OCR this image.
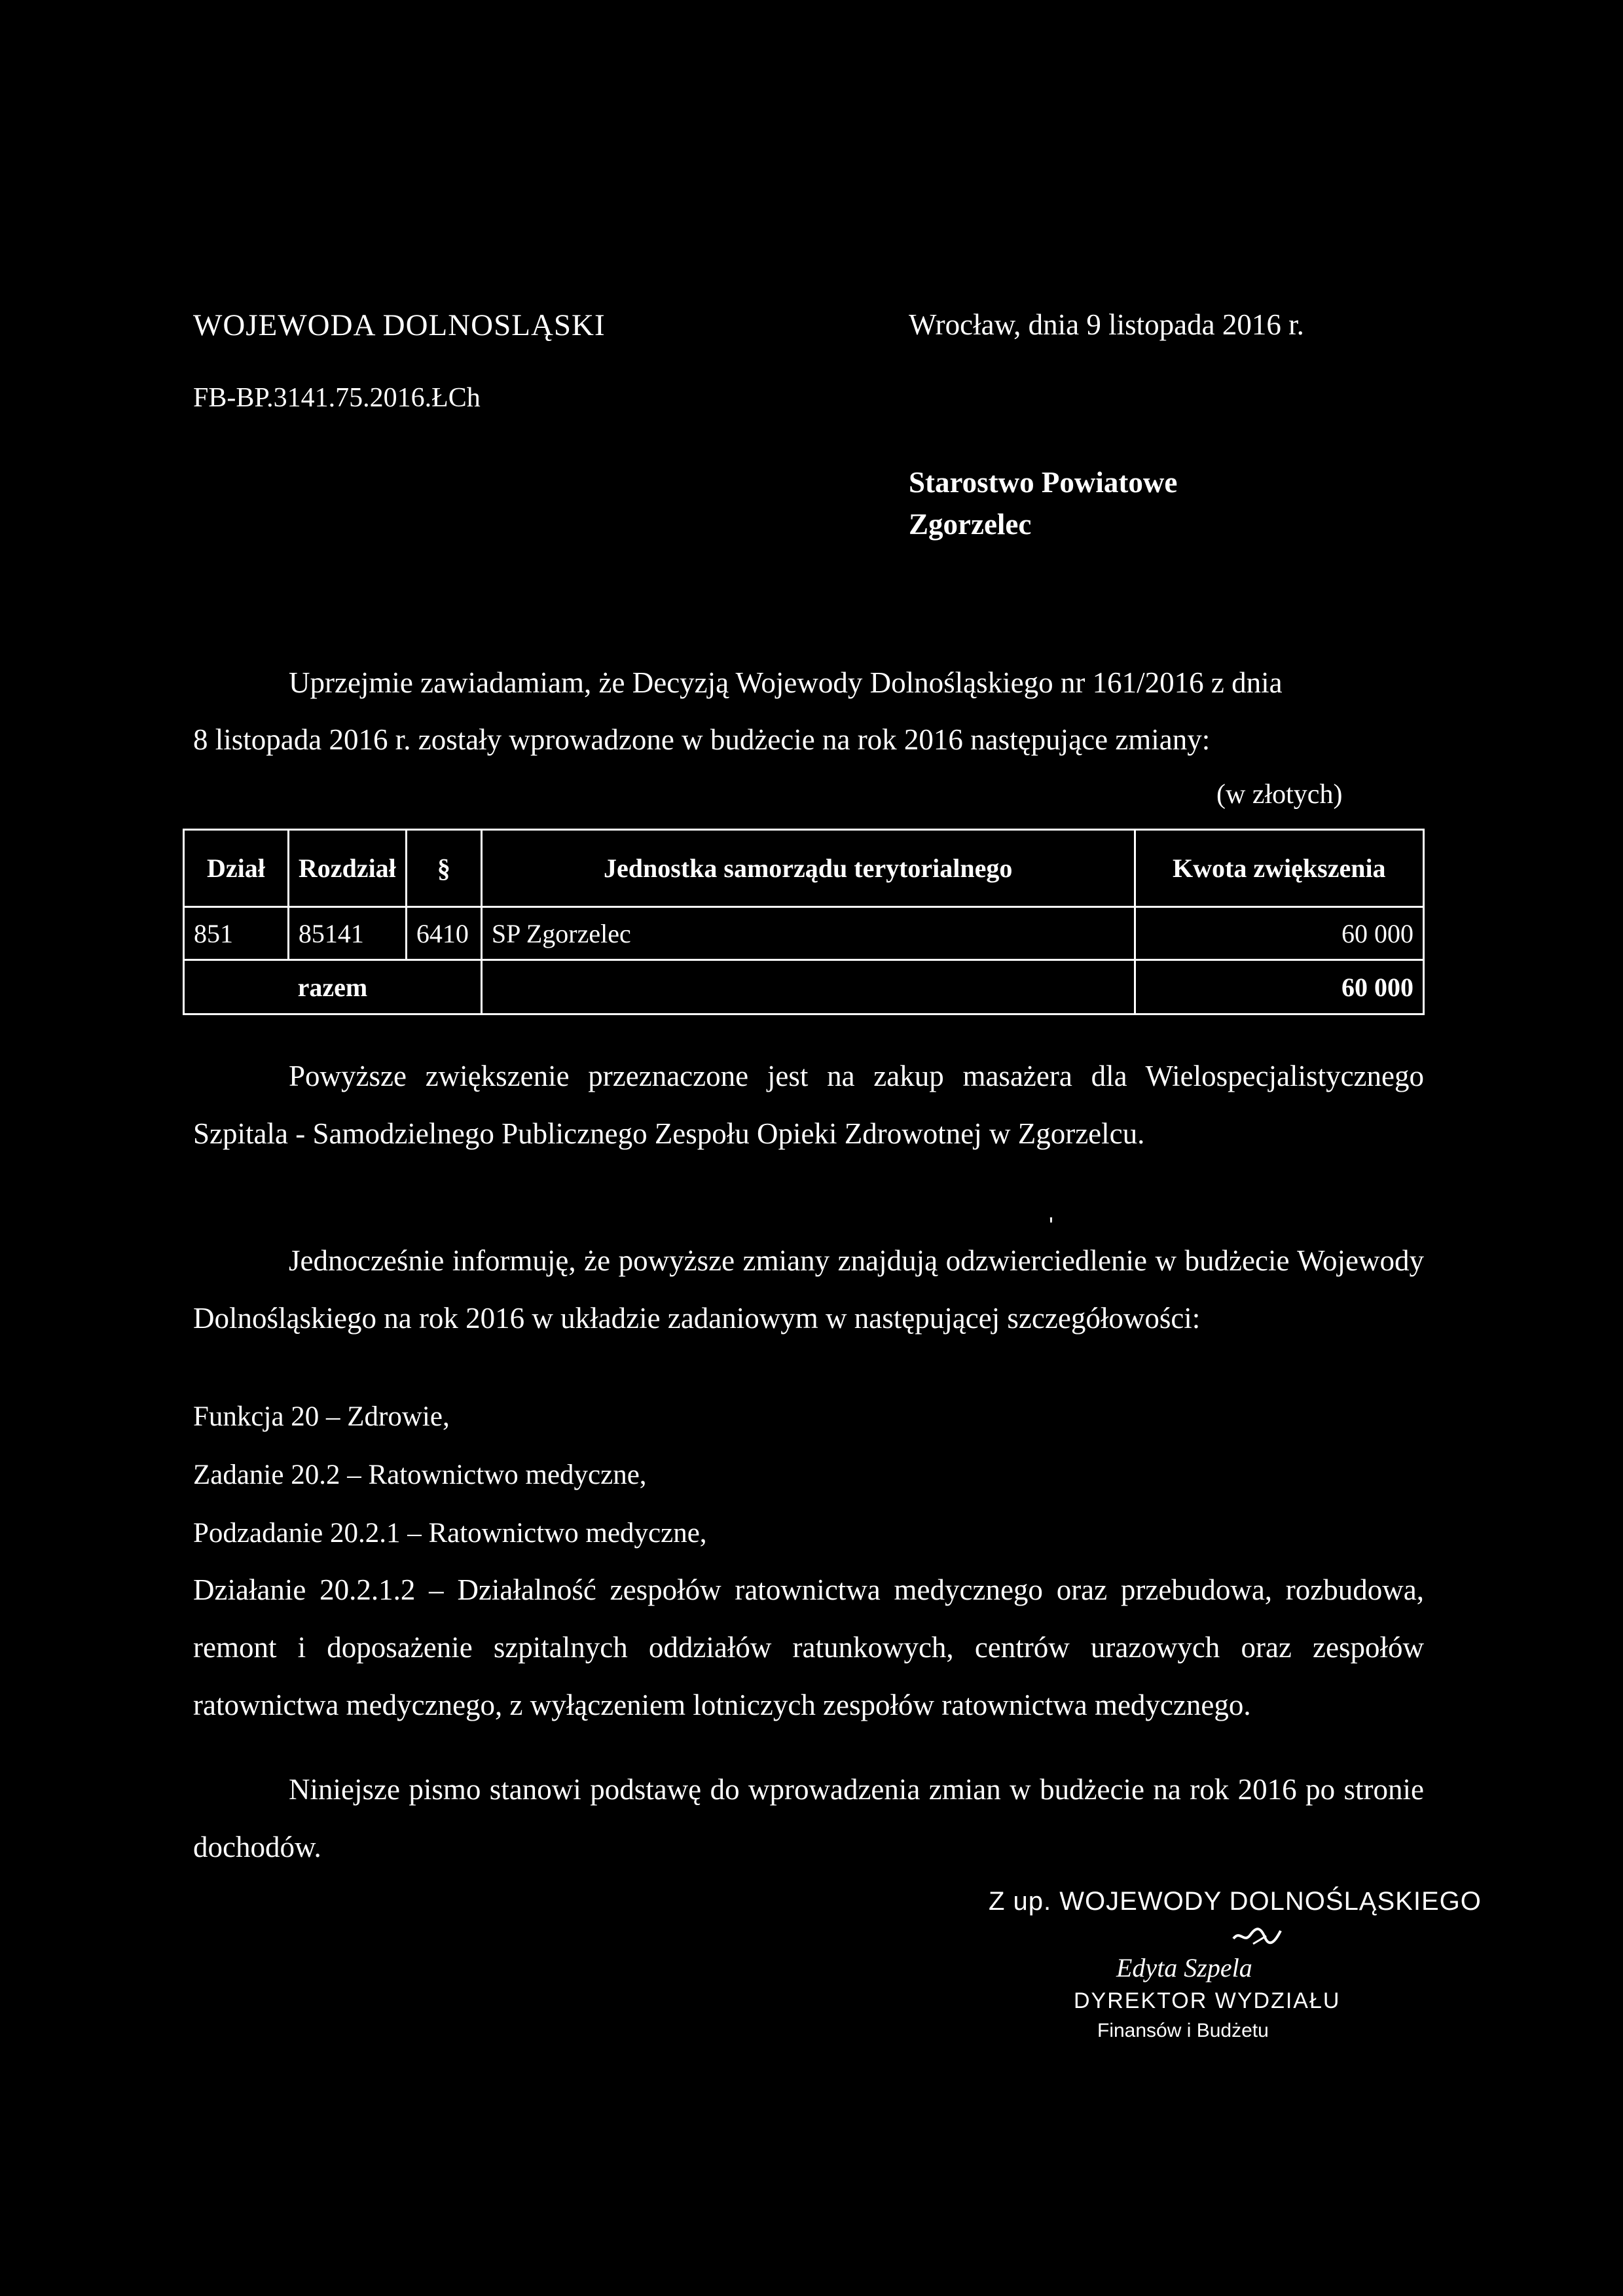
WOJEWODA DOLNOSLĄSKI	Wrocław, dnia 9 listopada 2016 r.
FB-BP.3141.75.2016.ŁCh
Starostwo Powiatowe
Zgorzelec
Uprzejmie zawiadamiam, że Decyzją Wojewody Dolnośląskiego nr 161/2016 z dnia
8 listopada 2016 r. zostały wprowadzone w budżecie na rok 2016 następujące zmiany:
(w złotych)
Dział	Rozdział	§	Jednostka samorządu terytorialnego	Kwota zwiększenia
851	85141	6410	SP Zgorzelec	60 000
razem				60 000
Powyższe zwiększenie przeznaczone jest na zakup masażera dla Wielospecjalistycznego Szpitala - Samodzielnego Publicznego Zespołu Opieki Zdrowotnej w Zgorzelcu.
'
Jednocześnie informuję, że powyższe zmiany znajdują odzwierciedlenie w budżecie Wojewody Dolnośląskiego na rok 2016 w układzie zadaniowym w następującej szczegółowości:
Funkcja 20 – Zdrowie,
Zadanie 20.2 – Ratownictwo medyczne,
Podzadanie 20.2.1 – Ratownictwo medyczne,
Działanie 20.2.1.2 – Działalność zespołów ratownictwa medycznego oraz przebudowa, rozbudowa, remont i doposażenie szpitalnych oddziałów ratunkowych, centrów urazowych oraz zespołów ratownictwa medycznego, z wyłączeniem lotniczych zespołów ratownictwa medycznego.
Niniejsze pismo stanowi podstawę do wprowadzenia zmian w budżecie na rok 2016 po stronie dochodów.
Z up. WOJEWODY DOLNOŚLĄSKIEGO
Edyta Szpela
DYREKTOR WYDZIAŁU
Finansów i Budżetu
